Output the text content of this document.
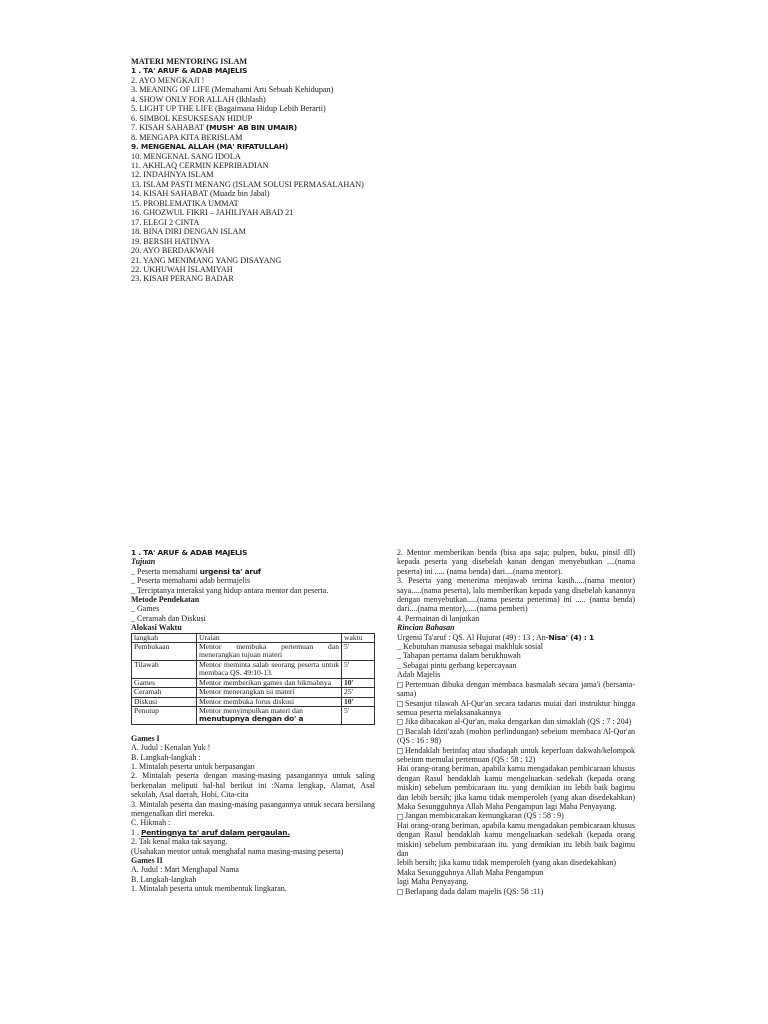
MATERI MENTORING ISLAM
1 . TA' ARUF & ADAB MAJELIS
2. AYO MENGKAJI !
3. MEANING OF LIFE (Memahami Arti Sebuah Kehidupan)
4. SHOW ONLY FOR ALLAH (Ikhlash)
5. LIGHT UP THE LIFE (Bagaimana Hidup Lebih Berarti)
6. SIMBOL KESUKSESAN HIDUP
7. KISAH SAHABAT (MUSH' AB BIN UMAIR)
8. MENGAPA KITA BERISLAM
9. MENGENAL ALLAH (MA' RIFATULLAH)
10. MENGENAL SANG IDOLA
11. AKHLAQ CERMIN KEPRIBADIAN
12. INDAHNYA ISLAM
13. ISLAM PASTI MENANG (ISLAM SOLUSI PERMASALAHAN)
14. KISAH SAHABAT (Muadz bin Jabal)
15. PROBLEMATIKA UMMAT
16. GHOZWUL FIKRI – JAHILIYAH ABAD 21
17. ELEGI 2 CINTA
18. BINA DIRI DENGAN ISLAM
19. BERSIH HATINYA
20. AYO BERDAKWAH
21. YANG MENIMANG YANG DISAYANG
22. UKHUWAH ISLAMIYAH
23. KISAH PERANG BADAR
1 . TA' ARUF & ADAB MAJELIS
Tujuan
_ Peserta memahami urgensi ta' aruf
_ Peserta memahami adab bermajelis
_ Terciptanya interaksi yang hidup antara mentor dan peserta.
Metode Pendekatan
_ Games
_ Ceramah dan Diskusi
Alokasi Waktu
langkah	Uraian	waktu
Pembukaan	Mentor membuka pertemuan dan menerangkan tujuan materi	5'
Tilawah	Mentor meminta salah seorang peserta untuk membaca QS. 49:10-13.	5'
Games	Mentor memberikan games dan hikmahnya	10'
Ceramah	Mentor menerangkan isi materi	25'
Diskusi	Mentor membuka forus diskusi	10'
Penutup	Mentor menyimpulkan materi dan
menutupnya dengan do' a	5'
Games I
A. Judul : Kenalan Yuk !
B. Langkah-langkah :
1. Mintalah peserta untuk berpasangan
2. Mintalah peserta dengan masing-masing pasangannya untuk saling berkenalan meliputi hal-hal berikut ini :Nama lengkap, Alamat, Asal sekolah, Asal daerah, Hobi, Cita-cita
3. Mintalah peserta dan masing-masing pasangannya untuk secara bersilang mengenalkan diri mereka.
C. Hikmah :
1 . Pentingnya ta' aruf dalam pergaulan.
2. Tak kenal maka tak sayang.
(Usahakan mentor untuk menghafal nama masing-masing peserta)
Games II
A. Judul : Mari Menghapal Nama
B. Langkah-langkah
1. Mintalah peserta untuk membentuk lingkaran.
2. Mentor memberikan benda (bisa apa saja; pulpen, buku, pinsil dll) kepada peserta yang disebelah kanan dengan menyebutkan ....(nama peserta) ini ..... (nama benda) dari....(nama mentor).
3. Peserta yang menerima menjawab terima kasih.....(nama mentor) saya.....(nama peserta), lalu memberikan kepada yang disebelah kanannya dengan menyebutkan.....(nama peserta penerima) ini ..... (nama benda) dari....(nama mentor),.....(nama pemberi)
4. Permainan di lanjutkan
Rincian Bahasan
Urgensi Ta'aruf : QS. Al Hujurat (49) : 13 ; An-Nisa' (4) : 1
_ Kebutuhan manusia sebagai makhluk sosial
_ Tahapan pertama dalam berukhuwah
_ Sebagai pintu gerbang kepercayaan
Adab Majelis
Pertemuan dibuka dengan membaca basmalah secara jama'i (bersama-sama)
Sesanjut tilawah Al-Qur'an secara tadarus muiai dari instruktur hingga semua peserta melaksanakannya
Jika dibacakan al-Qur'an, maka dengarkan dan simaklah (QS : 7 : 204)
Bacalah Idzti'azah (mohon perlindungan) sebeium membaca Al-Qur'an (QS : 16 : 98)
Hendaklah berinfaq atau shadaqah untuk keperluan dakwah/kelompok sebeium memulai pertemuan (QS : 58 : 12)
Hai orang-orang beriman, apabila kamu mengadakan pembicaraan khusus dengan Rasul hendaklah kamu mengeluarkan sedekah (kepada orang miskin) sebelum pembicaraan itu. yang demikian itu lebih baik bagimu dan lebih bersih; jika kamu tidak memperoleh (yang akan disedekahkan) Maka Sesungguhnya Allah Maha Pengampun lagi Maha Penyayang.
Jangan membicarakan kemungkaran (QS : 58 : 9)
Hai orang-orang beriman, apabila kamu mengadakan pembicaraan khusus dengan Rasul hendaklah kamu mengeluarkan sedekah (kepada orang miskin) sebelum pembicaraan itu. yang demikian itu lebih baik bagimu dan
lebih bersih; jika kamu tidak memperoleh (yang akan disedekahkan) Maka Sesungguhnya Allah Maha Pengampun
lagi Maha Penyayang.
Berlapang dada dalam majelis (QS: 58 :11)
